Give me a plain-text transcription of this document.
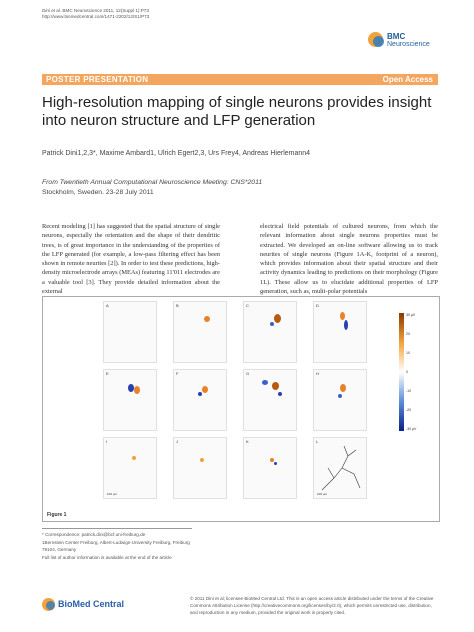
Dini et al. BMC Neuroscience 2011, 12(Suppl 1):P73
http://www.biomedcentral.com/1471-2202/12/S1/P73
BMC
Neuroscience
POSTER PRESENTATION	Open Access
High-resolution mapping of single neurons provides insight into neuron structure and LFP generation
Patrick Dini1,2,3*, Maxime Ambard1, Ulrich Egert2,3, Urs Frey4, Andreas Hierlemann4
From Twentieth Annual Computational Neuroscience Meeting: CNS*2011
Stockholm, Sweden. 23-28 July 2011
Recent modeling [1] has suggested that the spatial structure of single neurons, especially the orientation and the shape of their dendritic trees, is of great importance in the understanding of the properties of the LFP generated (for example, a low-pass filtering effect has been shown in remote neurites [2]). In order to test these predictions, high-density microelectrode arrays (MEAs) featuring 11'011 electrodes are a valuable tool [3]. They provide detailed information about the external
electrical field potentials of cultured neurons, from which the relevant information about single neurons properties must be extracted. We developed an on-line software allowing us to track neurites of single neurons (Figure 1A-K, footprint of a neuron), which provides information about their spatial structure and their activity dynamics leading to predictions on their morphology (Figure 1L). These allow us to elucidate additional properties of LFP generation, such as, multi-polar potentials
A	B	C	D
E	F	G	H
I
100 µm
J	K	L
100 µm
30 µV
20
10
0
-10
-20
-30 µV
Figure 1
* Correspondence: patrick.dini@bcf.uni-freiburg.de
1Bernstein Center Freiburg, Albert-Ludwigs-University Freiburg, Freiburg
79104, Germany
Full list of author information is available at the end of the article
BioMed Central
© 2011 Dini et al; licensee BioMed Central Ltd. This is an open access article distributed under the terms of the Creative Commons Attribution License (http://creativecommons.org/licenses/by/2.0), which permits unrestricted use, distribution, and reproduction in any medium, provided the original work is properly cited.
